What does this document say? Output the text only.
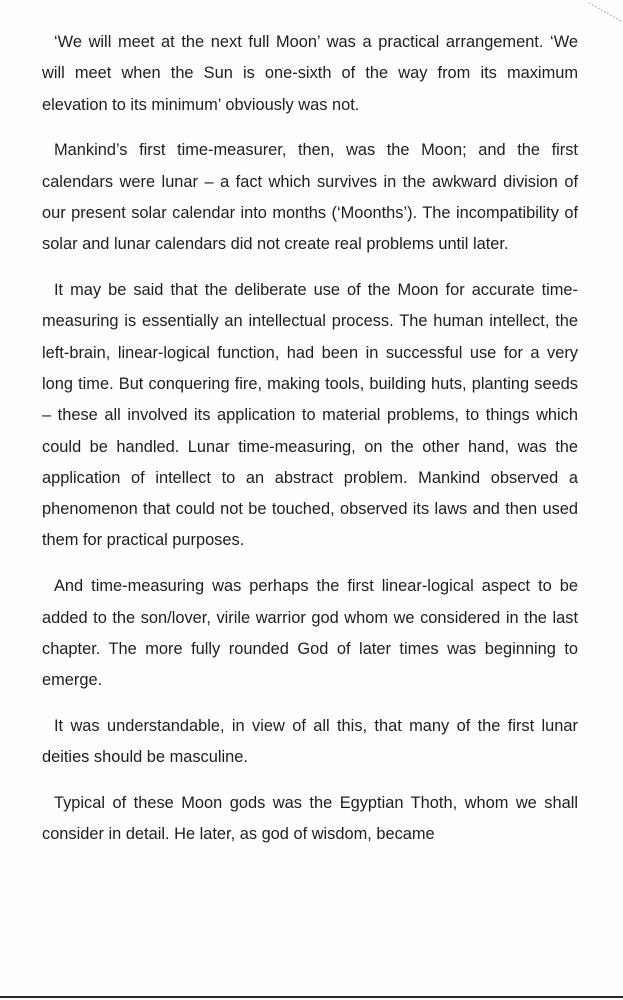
‘We will meet at the next full Moon’ was a practical arrangement. ‘We will meet when the Sun is one-sixth of the way from its maximum elevation to its minimum’ obviously was not.

Mankind’s first time-measurer, then, was the Moon; and the first calendars were lunar – a fact which survives in the awkward division of our present solar calendar into months (‘Moonths’). The incompatibility of solar and lunar calendars did not create real problems until later.

It may be said that the deliberate use of the Moon for accurate time-measuring is essentially an intellectual process. The human intellect, the left-brain, linear-logical function, had been in successful use for a very long time. But conquering fire, making tools, building huts, planting seeds – these all involved its application to material problems, to things which could be handled. Lunar time-measuring, on the other hand, was the application of intellect to an abstract problem. Mankind observed a phenomenon that could not be touched, observed its laws and then used them for practical purposes.

And time-measuring was perhaps the first linear-logical aspect to be added to the son/lover, virile warrior god whom we considered in the last chapter. The more fully rounded God of later times was beginning to emerge.

It was understandable, in view of all this, that many of the first lunar deities should be masculine.

Typical of these Moon gods was the Egyptian Thoth, whom we shall consider in detail. He later, as god of wisdom, became
